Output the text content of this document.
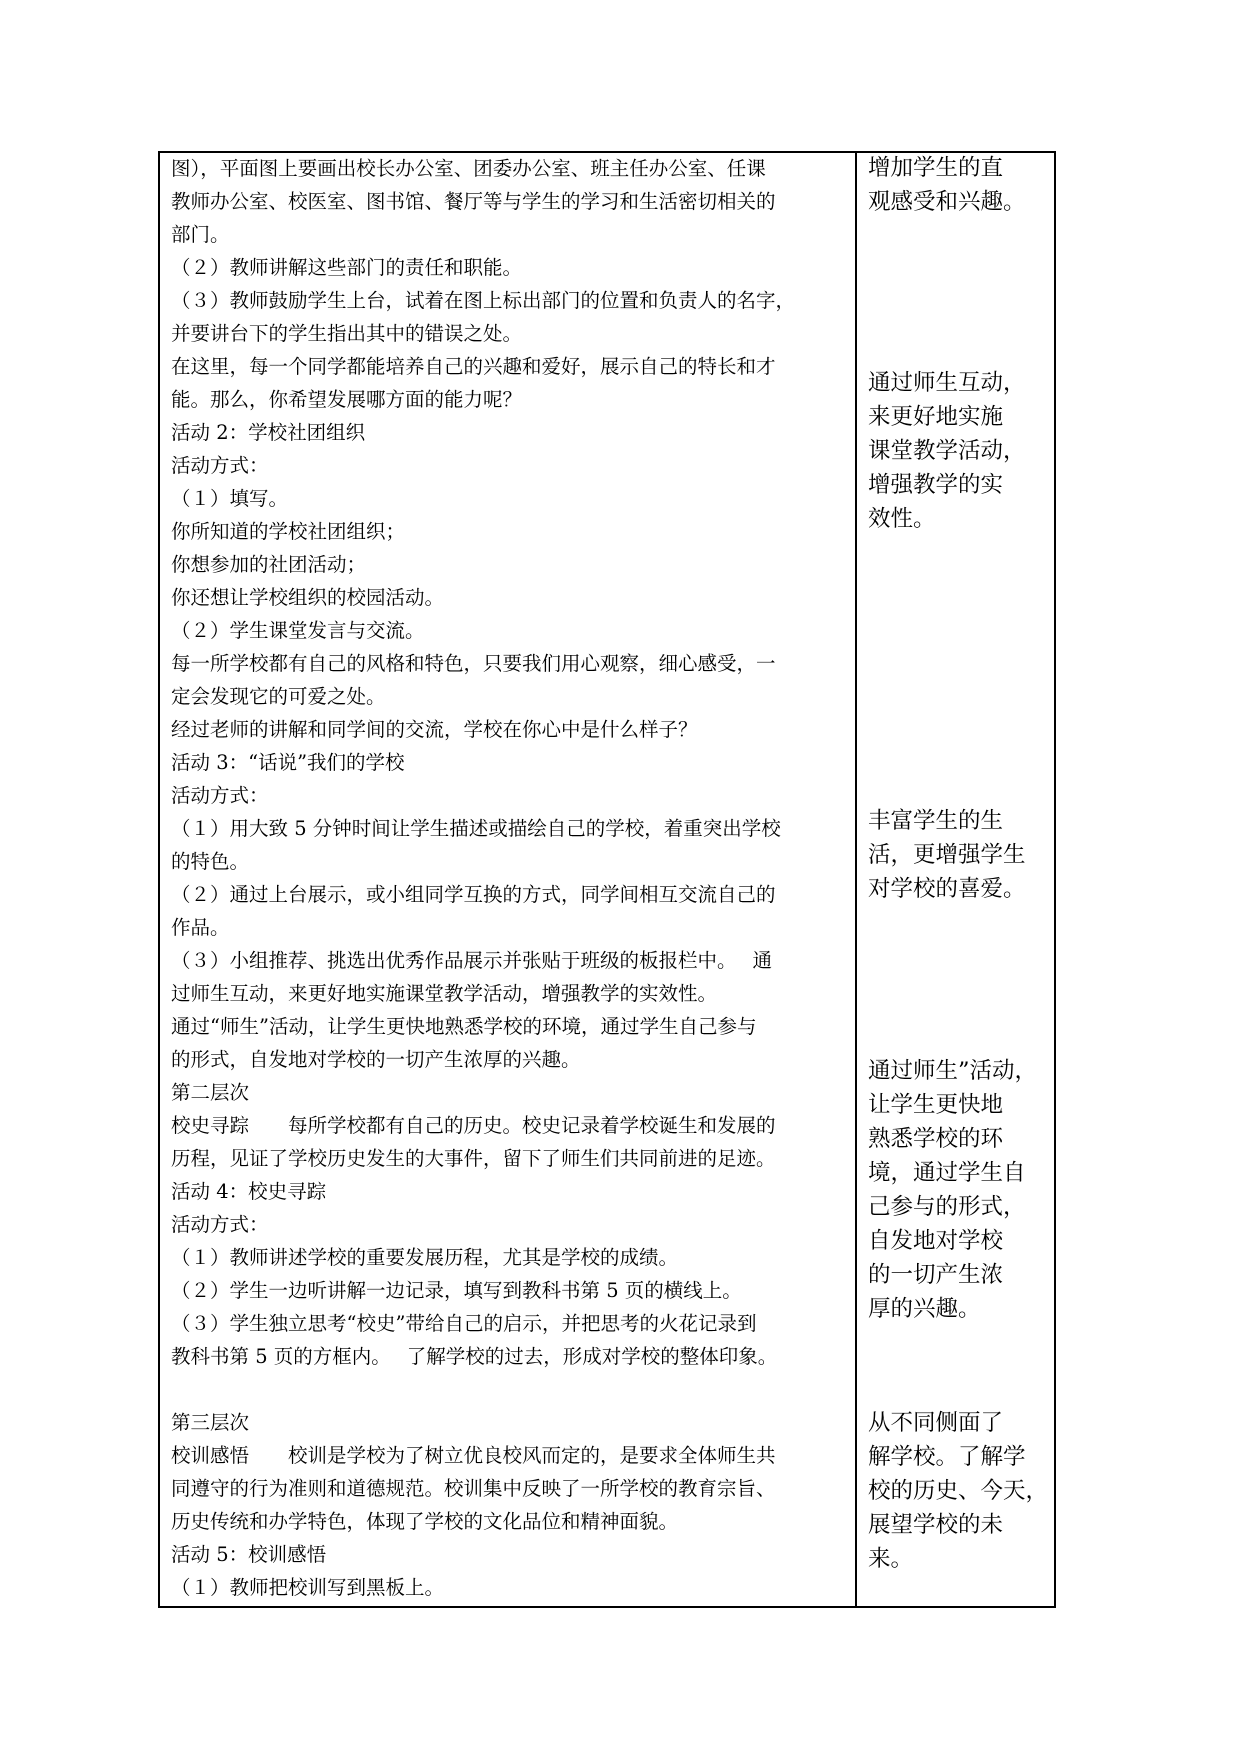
图），平面图上要画出校长办公室、团委办公室、班主任办公室、任课
教师办公室、校医室、图书馆、餐厅等与学生的学习和生活密切相关的
部门。
（２）教师讲解这些部门的责任和职能。
（３）教师鼓励学生上台，试着在图上标出部门的位置和负责人的名字，
并要讲台下的学生指出其中的错误之处。
在这里，每一个同学都能培养自己的兴趣和爱好，展示自己的特长和才
能。那么，你希望发展哪方面的能力呢？
活动 2：学校社团组织
活动方式：
（１）填写。
你所知道的学校社团组织；
你想参加的社团活动；
你还想让学校组织的校园活动。
（２）学生课堂发言与交流。
每一所学校都有自己的风格和特色，只要我们用心观察，细心感受，一
定会发现它的可爱之处。
经过老师的讲解和同学间的交流，学校在你心中是什么样子？
活动 3：“话说”我们的学校
活动方式：
（１）用大致 5 分钟时间让学生描述或描绘自己的学校，着重突出学校
的特色。
（２）通过上台展示，或小组同学互换的方式，同学间相互交流自己的
作品。
（３）小组推荐、挑选出优秀作品展示并张贴于班级的板报栏中。　 通
过师生互动，来更好地实施课堂教学活动，增强教学的实效性。
通过“师生”活动，让学生更快地熟悉学校的环境，通过学生自己参与
的形式，自发地对学校的一切产生浓厚的兴趣。
第二层次
校史寻踪　　每所学校都有自己的历史。校史记录着学校诞生和发展的
历程，见证了学校历史发生的大事件，留下了师生们共同前进的足迹。
活动 4：校史寻踪
活动方式：
（１）教师讲述学校的重要发展历程，尤其是学校的成绩。
（２）学生一边听讲解一边记录，填写到教科书第 5 页的横线上。
（３）学生独立思考“校史”带给自己的启示，并把思考的火花记录到
教科书第 5 页的方框内。　 了解学校的过去，形成对学校的整体印象。
第三层次
校训感悟　　校训是学校为了树立优良校风而定的，是要求全体师生共
同遵守的行为准则和道德规范。校训集中反映了一所学校的教育宗旨、
历史传统和办学特色，体现了学校的文化品位和精神面貌。
活动 5：校训感悟
（１）教师把校训写到黑板上。
增加学生的直
观感受和兴趣。
通过师生互动，
来更好地实施
课堂教学活动，
增强教学的实
效性。
丰富学生的生
活，更增强学生
对学校的喜爱。
通过师生”活动，
让学生更快地
熟悉学校的环
境，通过学生自
己参与的形式，
自发地对学校
的一切产生浓
厚的兴趣。
从不同侧面了
解学校。了解学
校的历史、今天，
展望学校的未
来。
